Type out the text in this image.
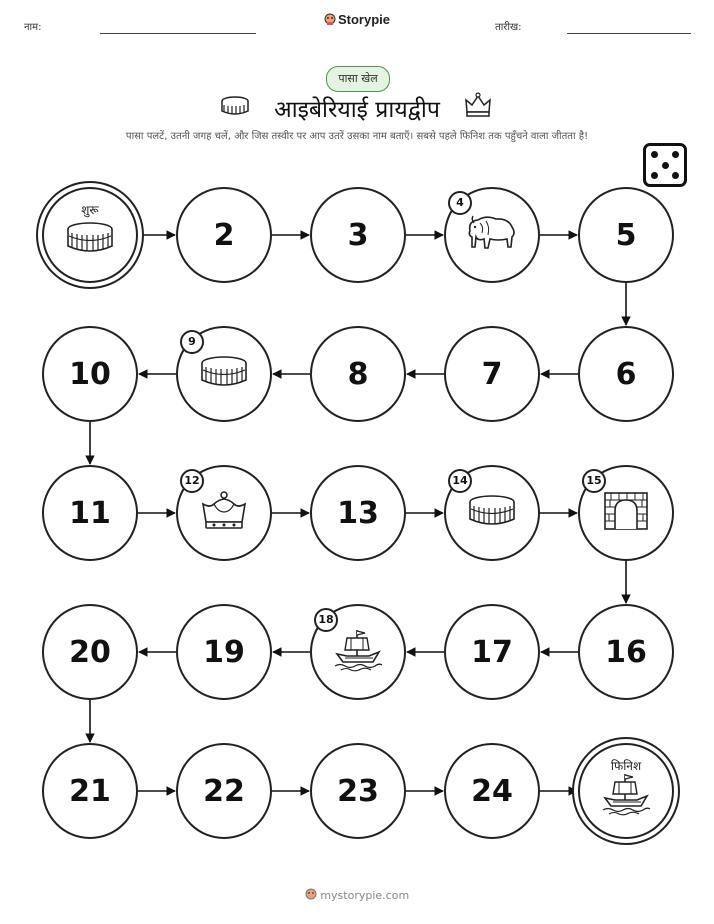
नाम:
Storypie
तारीख:
पासा खेल
आइबेरियाई प्रायद्वीप
पासा पलटें, उतनी जगह चलें, और जिस तस्वीर पर आप उतरें उसका नाम बताएँ। सबसे पहले फिनिश तक पहुँचने वाला जीतता है!
शुरू
2	3
4
5
6
7
8
9
10
11
12
13
14	15
16
17
18
19
20
21	22	23	24
फिनिश
mystorypie.com
